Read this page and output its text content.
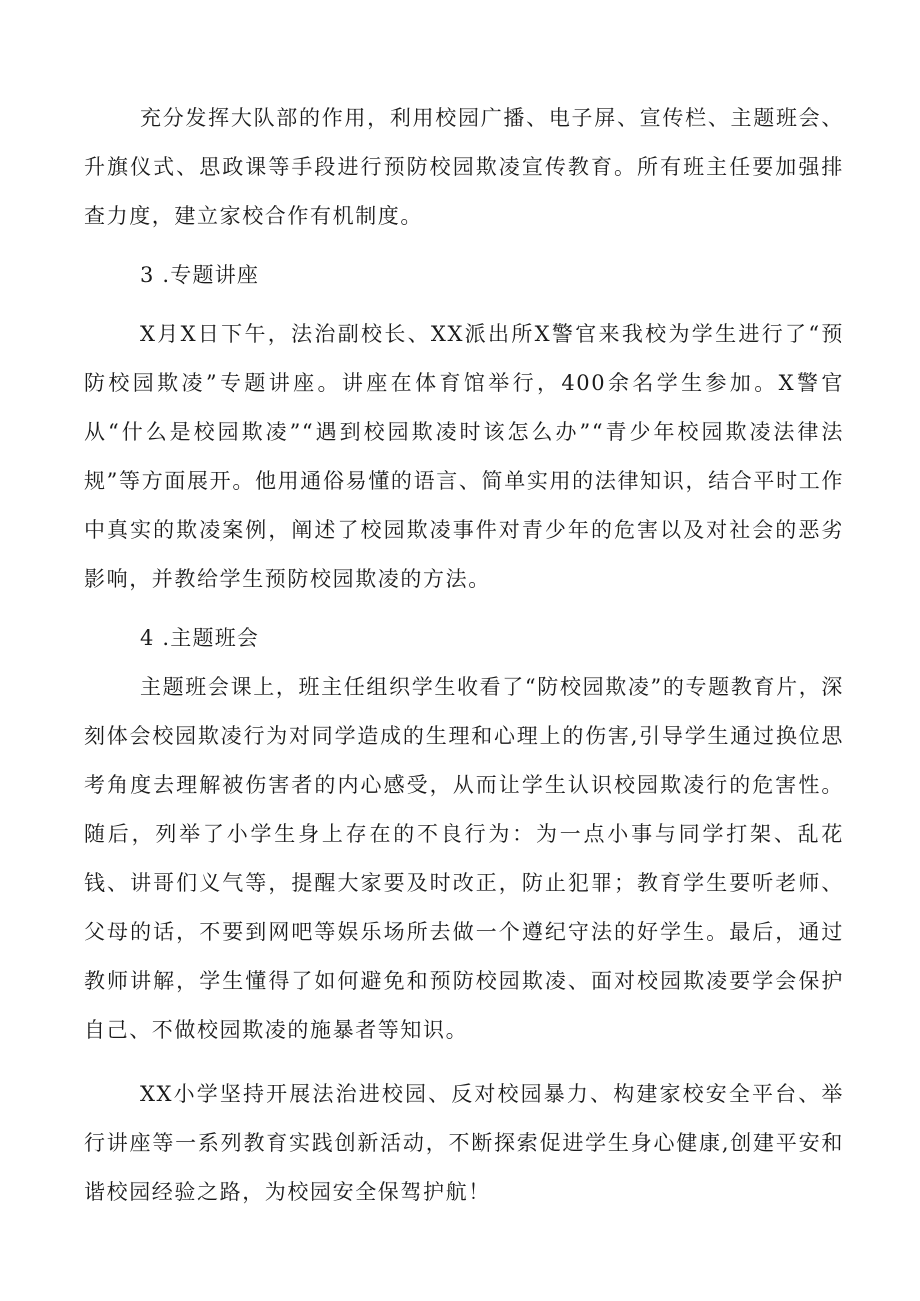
充分发挥大队部的作用，利用校园广播、电子屏、宣传栏、主题班会、升旗仪式、思政课等手段进行预防校园欺凌宣传教育。所有班主任要加强排查力度，建立家校合作有机制度。

3 .专题讲座

X月X日下午，法治副校长、XX派出所X警官来我校为学生进行了“预防校园欺凌”专题讲座。讲座在体育馆举行，400余名学生参加。X警官从“什么是校园欺凌”“遇到校园欺凌时该怎么办”“青少年校园欺凌法律法规”等方面展开。他用通俗易懂的语言、简单实用的法律知识，结合平时工作中真实的欺凌案例，阐述了校园欺凌事件对青少年的危害以及对社会的恶劣影响，并教给学生预防校园欺凌的方法。

4 .主题班会

主题班会课上，班主任组织学生收看了“防校园欺凌”的专题教育片，深刻体会校园欺凌行为对同学造成的生理和心理上的伤害,引导学生通过换位思考角度去理解被伤害者的内心感受，从而让学生认识校园欺凌行的危害性。随后，列举了小学生身上存在的不良行为：为一点小事与同学打架、乱花钱、讲哥们义气等，提醒大家要及时改正，防止犯罪；教育学生要听老师、父母的话，不要到网吧等娱乐场所去做一个遵纪守法的好学生。最后，通过教师讲解，学生懂得了如何避免和预防校园欺凌、面对校园欺凌要学会保护自己、不做校园欺凌的施暴者等知识。

XX小学坚持开展法治进校园、反对校园暴力、构建家校安全平台、举行讲座等一系列教育实践创新活动，不断探索促进学生身心健康,创建平安和谐校园经验之路，为校园安全保驾护航！
